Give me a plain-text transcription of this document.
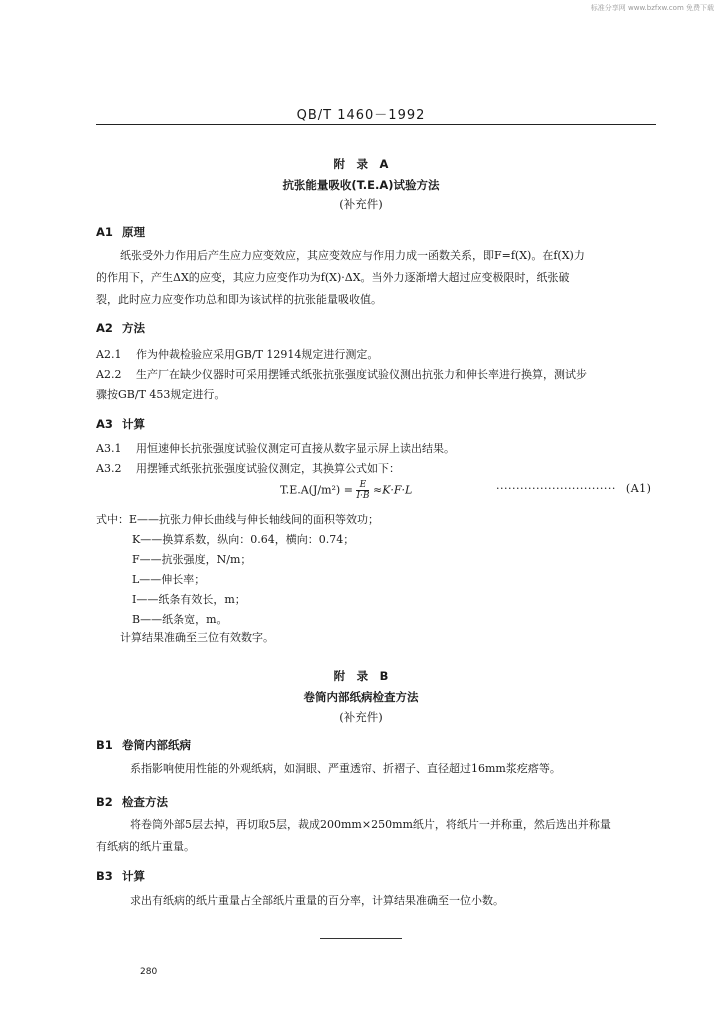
标准分享网 www.bzfxw.com 免费下载
QB/T 1460－1992
附　录　A
抗张能量吸收(T.E.A)试验方法
(补充件)
A1 原理
纸张受外力作用后产生应力应变效应，其应变效应与作用力成一函数关系，即F=f(X)。在f(X)力
的作用下，产生ΔX的应变，其应力应变作功为f(X)·ΔX。当外力逐渐增大超过应变极限时，纸张破
裂，此时应力应变作功总和即为该试样的抗张能量吸收值。
A2 方法
A2.1 作为仲裁检验应采用GB/T 12914规定进行测定。
A2.2 生产厂在缺少仪器时可采用摆锤式纸张抗张强度试验仪测出抗张力和伸长率进行换算，测试步
骤按GB/T 453规定进行。
A3 计算
A3.1 用恒速伸长抗张强度试验仪测定可直接从数字显示屏上读出结果。
A3.2 用摆锤式纸张抗张强度试验仪测定，其换算公式如下：
$T.E.A(J/m^2) = \frac{E}{I\cdot B} \approx K\cdot F\cdot L$	······························ (A1)
式中：E——抗张力伸长曲线与伸长轴线间的面积等效功；
K——换算系数，纵向：0.64，横向：0.74；
F——抗张强度，N/m；
L——伸长率；
I——纸条有效长，m；
B——纸条宽，m。
计算结果准确至三位有效数字。
附　录　B
卷筒内部纸病检查方法
(补充件)
B1 卷筒内部纸病
系指影响使用性能的外观纸病，如洞眼、严重透帘、折褶子、直径超过16mm浆疙瘩等。
B2 检查方法
将卷筒外部5层去掉，再切取5层，裁成200mm×250mm纸片，将纸片一并称重，然后选出并称量
有纸病的纸片重量。
B3 计算
求出有纸病的纸片重量占全部纸片重量的百分率，计算结果准确至一位小数。
280
